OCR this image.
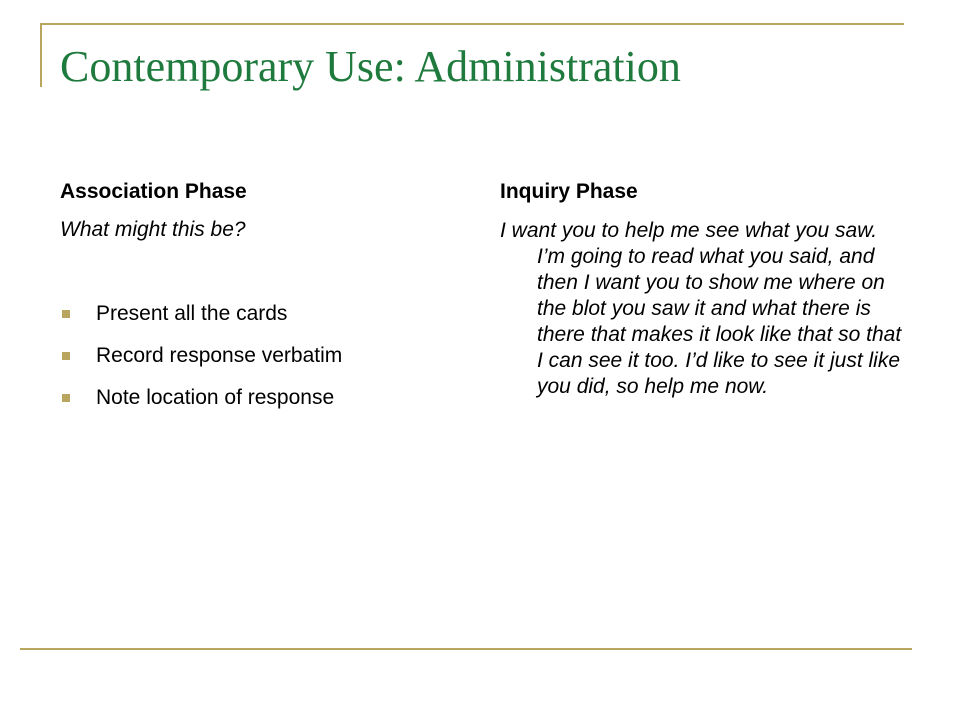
Contemporary Use: Administration

Association Phase

What might this be?

Present all the cards
Record response verbatim
Note location of response

Inquiry Phase

I want you to help me see what you saw. I’m going to read what you said, and then I want you to show me where on the blot you saw it and what there is there that makes it look like that so that I can see it too. I’d like to see it just like you did, so help me now.
